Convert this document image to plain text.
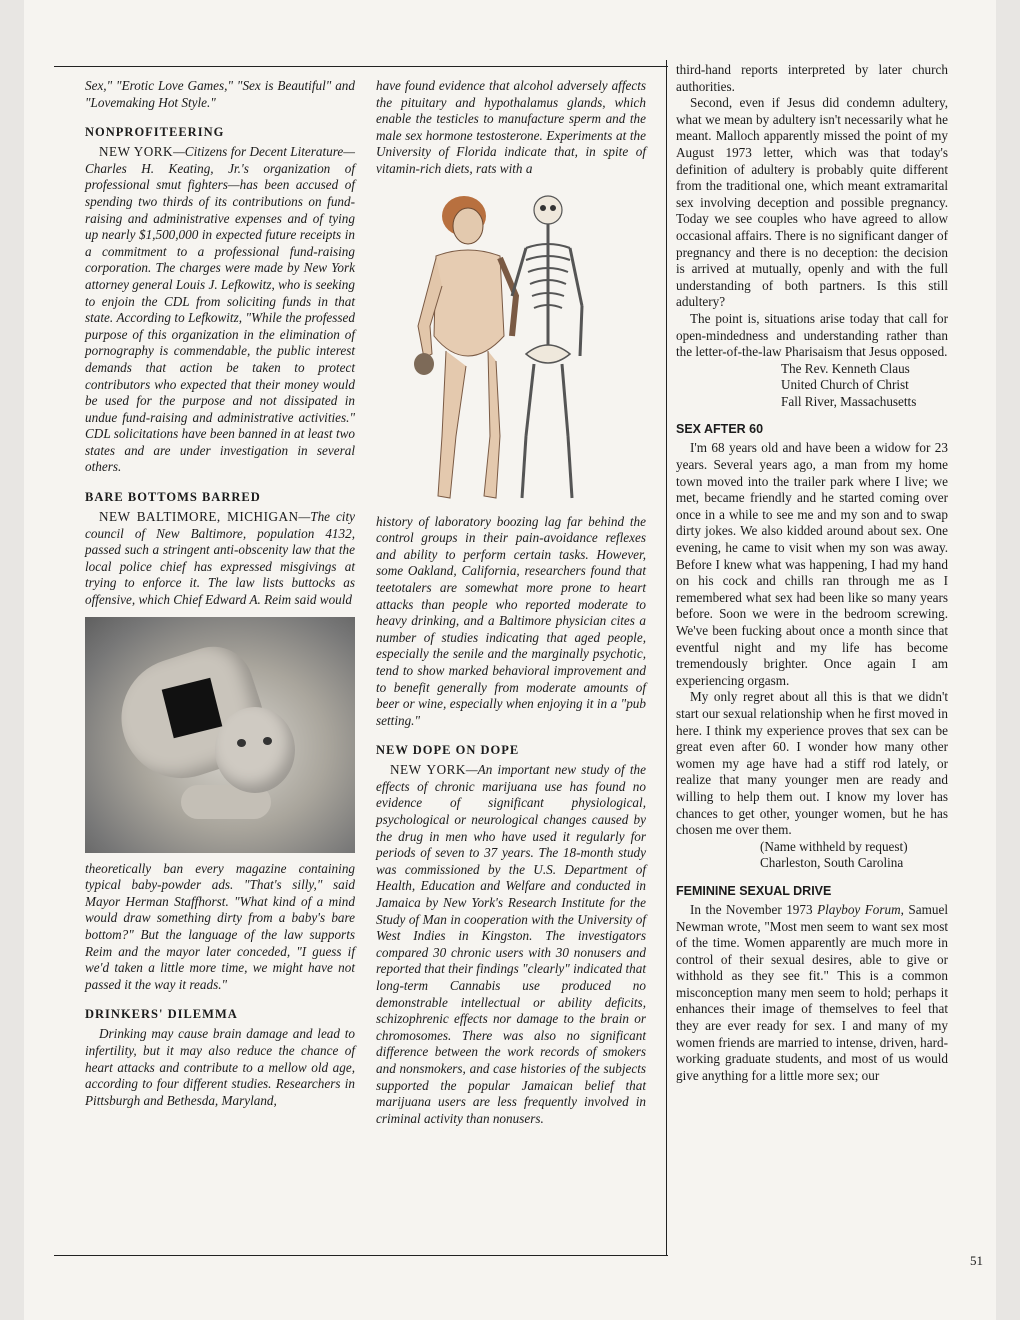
Sex," "Erotic Love Games," "Sex is Beautiful" and "Lovemaking Hot Style."

NONPROFITEERING

NEW YORK—Citizens for Decent Literature—Charles H. Keating, Jr.'s organization of professional smut fighters—has been accused of spending two thirds of its contributions on fund-raising and administrative expenses and of tying up nearly $1,500,000 in expected future receipts in a commitment to a professional fund-raising corporation. The charges were made by New York attorney general Louis J. Lefkowitz, who is seeking to enjoin the CDL from soliciting funds in that state. According to Lefkowitz, "While the professed purpose of this organization in the elimination of pornography is commendable, the public interest demands that action be taken to protect contributors who expected that their money would be used for the purpose and not dissipated in undue fund-raising and administrative activities." CDL solicitations have been banned in at least two states and are under investigation in several others.

BARE BOTTOMS BARRED

NEW BALTIMORE, MICHIGAN—The city council of New Baltimore, population 4132, passed such a stringent anti-obscenity law that the local police chief has expressed misgivings at trying to enforce it. The law lists buttocks as offensive, which Chief Edward A. Reim said would

theoretically ban every magazine containing typical baby-powder ads. "That's silly," said Mayor Herman Staffhorst. "What kind of a mind would draw something dirty from a baby's bare bottom?" But the language of the law supports Reim and the mayor later conceded, "I guess if we'd taken a little more time, we might have not passed it the way it reads."

DRINKERS' DILEMMA

Drinking may cause brain damage and lead to infertility, but it may also reduce the chance of heart attacks and contribute to a mellow old age, according to four different studies. Researchers in Pittsburgh and Bethesda, Maryland,

have found evidence that alcohol adversely affects the pituitary and hypothalamus glands, which enable the testicles to manufacture sperm and the male sex hormone testosterone. Experiments at the University of Florida indicate that, in spite of vitamin-rich diets, rats with a

history of laboratory boozing lag far behind the control groups in their pain-avoidance reflexes and ability to perform certain tasks. However, some Oakland, California, researchers found that teetotalers are somewhat more prone to heart attacks than people who reported moderate to heavy drinking, and a Baltimore physician cites a number of studies indicating that aged people, especially the senile and the marginally psychotic, tend to show marked behavioral improvement and to benefit generally from moderate amounts of beer or wine, especially when enjoying it in a "pub setting."

NEW DOPE ON DOPE

NEW YORK—An important new study of the effects of chronic marijuana use has found no evidence of significant physiological, psychological or neurological changes caused by the drug in men who have used it regularly for periods of seven to 37 years. The 18-month study was commissioned by the U.S. Department of Health, Education and Welfare and conducted in Jamaica by New York's Research Institute for the Study of Man in cooperation with the University of West Indies in Kingston. The investigators compared 30 chronic users with 30 nonusers and reported that their findings "clearly" indicated that long-term Cannabis use produced no demonstrable intellectual or ability deficits, schizophrenic effects nor damage to the brain or chromosomes. There was also no significant difference between the work records of smokers and nonsmokers, and case histories of the subjects supported the popular Jamaican belief that marijuana users are less frequently involved in criminal activity than nonusers.

third-hand reports interpreted by later church authorities.

Second, even if Jesus did condemn adultery, what we mean by adultery isn't necessarily what he meant. Malloch apparently missed the point of my August 1973 letter, which was that today's definition of adultery is probably quite different from the traditional one, which meant extramarital sex involving deception and possible pregnancy. Today we see couples who have agreed to allow occasional affairs. There is no significant danger of pregnancy and there is no deception: the decision is arrived at mutually, openly and with the full understanding of both partners. Is this still adultery?

The point is, situations arise today that call for open-mindedness and understanding rather than the letter-of-the-law Pharisaism that Jesus opposed.

The Rev. Kenneth Claus

United Church of Christ

Fall River, Massachusetts

SEX AFTER 60

I'm 68 years old and have been a widow for 23 years. Several years ago, a man from my home town moved into the trailer park where I live; we met, became friendly and he started coming over once in a while to see me and my son and to swap dirty jokes. We also kidded around about sex. One evening, he came to visit when my son was away. Before I knew what was happening, I had my hand on his cock and chills ran through me as I remembered what sex had been like so many years before. Soon we were in the bedroom screwing. We've been fucking about once a month since that eventful night and my life has become tremendously brighter. Once again I am experiencing orgasm.

My only regret about all this is that we didn't start our sexual relationship when he first moved in here. I think my experience proves that sex can be great even after 60. I wonder how many other women my age have had a stiff rod lately, or realize that many younger men are ready and willing to help them out. I know my lover has chances to get other, younger women, but he has chosen me over them.

(Name withheld by request)

Charleston, South Carolina

FEMININE SEXUAL DRIVE

In the November 1973 Playboy Forum, Samuel Newman wrote, "Most men seem to want sex most of the time. Women apparently are much more in control of their sexual desires, able to give or withhold as they see fit." This is a common misconception many men seem to hold; perhaps it enhances their image of themselves to feel that they are ever ready for sex. I and many of my women friends are married to intense, driven, hard-working graduate students, and most of us would give anything for a little more sex; our

51
